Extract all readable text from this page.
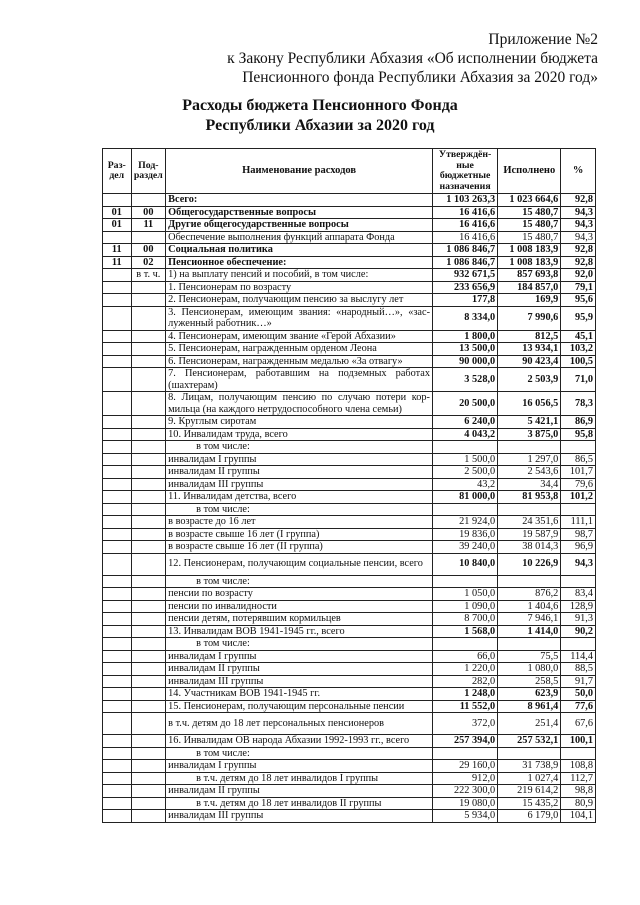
Приложение №2
к Закону Республики Абхазия «Об исполнении бюджета
Пенсионного фонда Республики Абхазия за 2020 год»
Расходы бюджета Пенсионного Фонда
Республики Абхазии за 2020 год
Раз-дел	Под-раздел	Наименование расходов	Утверждён-ные бюджетные назначения	Исполнено	%
		Всего:	1 103 263,3	1 023 664,6	92,8
01	00	Общегосударственные вопросы	16 416,6	15 480,7	94,3
01	11	Другие общегосударственные вопросы	16 416,6	15 480,7	94,3
		Обеспечение выполнения функций аппарата Фонда	16 416,6	15 480,7	94,3
11	00	Социальная политика	1 086 846,7	1 008 183,9	92,8
11	02	Пенсионное обеспечение:	1 086 846,7	1 008 183,9	92,8
	в т. ч.	1) на выплату пенсий и пособий, в том числе:	932 671,5	857 693,8	92,0
		1. Пенсионерам по возрасту	233 656,9	184 857,0	79,1
		2. Пенсионерам, получающим пенсию за выслугу лет	177,8	169,9	95,6
		3. Пенсионерам, имеющим звания: «народный…», «зас-луженный работник…»	8 334,0	7 990,6	95,9
		4. Пенсионерам, имеющим звание «Герой Абхазии»	1 800,0	812,5	45,1
		5. Пенсионерам, награжденным орденом Леона	13 500,0	13 934,1	103,2
		6. Пенсионерам, награжденным медалью «За отвагу»	90 000,0	90 423,4	100,5
		7. Пенсионерам, работавшим на подземных работах (шахтерам)	3 528,0	2 503,9	71,0
		8. Лицам, получающим пенсию по случаю потери кор-мильца (на каждого нетрудоспособного члена семьи)	20 500,0	16 056,5	78,3
		9. Круглым сиротам	6 240,0	5 421,1	86,9
		10. Инвалидам труда, всего	4 043,2	3 875,0	95,8
		в том числе:			
		инвалидам I группы	1 500,0	1 297,0	86,5
		инвалидам II группы	2 500,0	2 543,6	101,7
		инвалидам III группы	43,2	34,4	79,6
		11. Инвалидам детства, всего	81 000,0	81 953,8	101,2
		в том числе:			
		в возрасте до 16 лет	21 924,0	24 351,6	111,1
		в возрасте свыше 16 лет (I группа)	19 836,0	19 587,9	98,7
		в возрасте свыше 16 лет (II группа)	39 240,0	38 014,3	96,9
		12. Пенсионерам, получающим социальные пенсии, всего	10 840,0	10 226,9	94,3
		в том числе:			
		пенсии по возрасту	1 050,0	876,2	83,4
		пенсии по инвалидности	1 090,0	1 404,6	128,9
		пенсии детям, потерявшим кормильцев	8 700,0	7 946,1	91,3
		13. Инвалидам ВОВ 1941-1945 гг., всего	1 568,0	1 414,0	90,2
		в том числе:			
		инвалидам I группы	66,0	75,5	114,4
		инвалидам II группы	1 220,0	1 080,0	88,5
		инвалидам III группы	282,0	258,5	91,7
		14. Участникам ВОВ 1941-1945 гг.	1 248,0	623,9	50,0
		15. Пенсионерам, получающим персональные пенсии	11 552,0	8 961,4	77,6
		в т.ч. детям до 18 лет персональных пенсионеров	372,0	251,4	67,6
		16. Инвалидам ОВ народа Абхазии 1992-1993 гг., всего	257 394,0	257 532,1	100,1
		в том числе:			
		инвалидам I группы	29 160,0	31 738,9	108,8
		в т.ч. детям до 18 лет инвалидов I группы	912,0	1 027,4	112,7
		инвалидам II группы	222 300,0	219 614,2	98,8
		в т.ч. детям до 18 лет инвалидов II группы	19 080,0	15 435,2	80,9
		инвалидам III группы	5 934,0	6 179,0	104,1
